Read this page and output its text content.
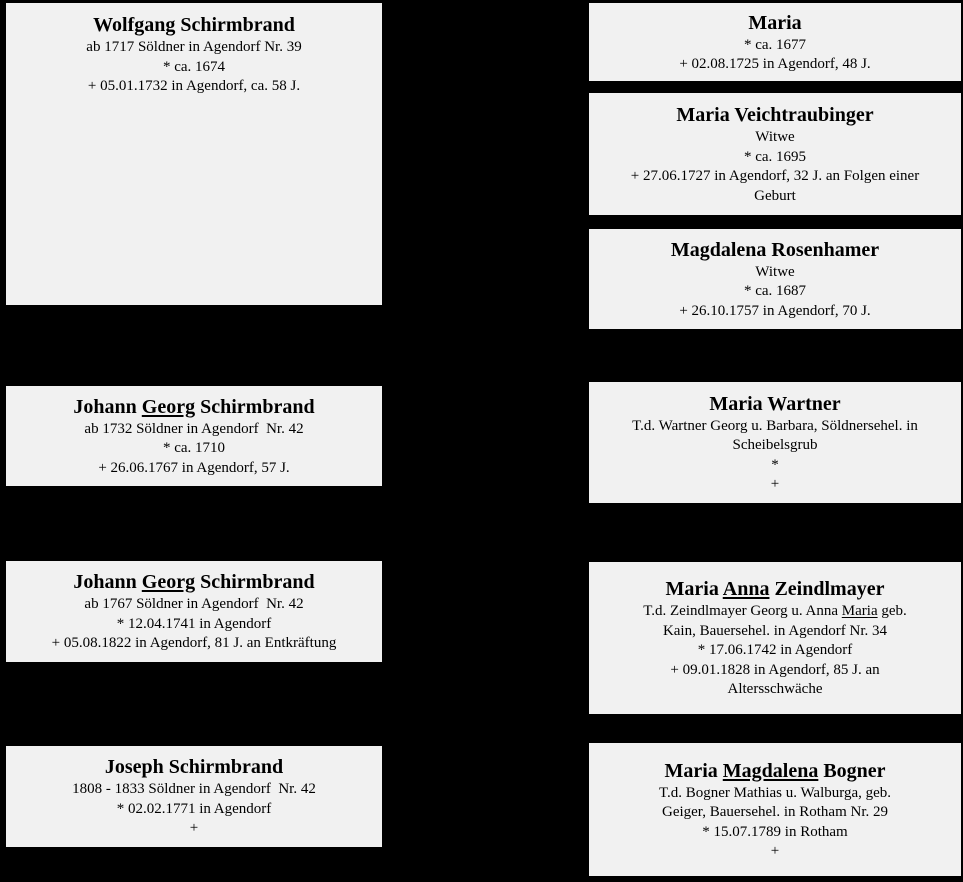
Wolfgang Schirmbrand
ab 1717 Söldner in Agendorf Nr. 39
* ca. 1674
+ 05.01.1732 in Agendorf, ca. 58 J.
Johann Georg Schirmbrand
ab 1732 Söldner in Agendorf  Nr. 42
* ca. 1710
+ 26.06.1767 in Agendorf, 57 J.
Johann Georg Schirmbrand
ab 1767 Söldner in Agendorf  Nr. 42
* 12.04.1741 in Agendorf
+ 05.08.1822 in Agendorf, 81 J. an Entkräftung
Joseph Schirmbrand
1808 - 1833 Söldner in Agendorf  Nr. 42
* 02.02.1771 in Agendorf
+
Maria
* ca. 1677
+ 02.08.1725 in Agendorf, 48 J.
Maria Veichtraubinger
Witwe
* ca. 1695
+ 27.06.1727 in Agendorf, 32 J. an Folgen einer
Geburt
Magdalena Rosenhamer
Witwe
* ca. 1687
+ 26.10.1757 in Agendorf, 70 J.
Maria Wartner
T.d. Wartner Georg u. Barbara, Söldnersehel. in
Scheibelsgrub
*
+
Maria Anna Zeindlmayer
T.d. Zeindlmayer Georg u. Anna Maria geb.
Kain, Bauersehel. in Agendorf Nr. 34
* 17.06.1742 in Agendorf
+ 09.01.1828 in Agendorf, 85 J. an
Altersschwäche
Maria Magdalena Bogner
T.d. Bogner Mathias u. Walburga, geb.
Geiger, Bauersehel. in Rotham Nr. 29
* 15.07.1789 in Rotham
+
